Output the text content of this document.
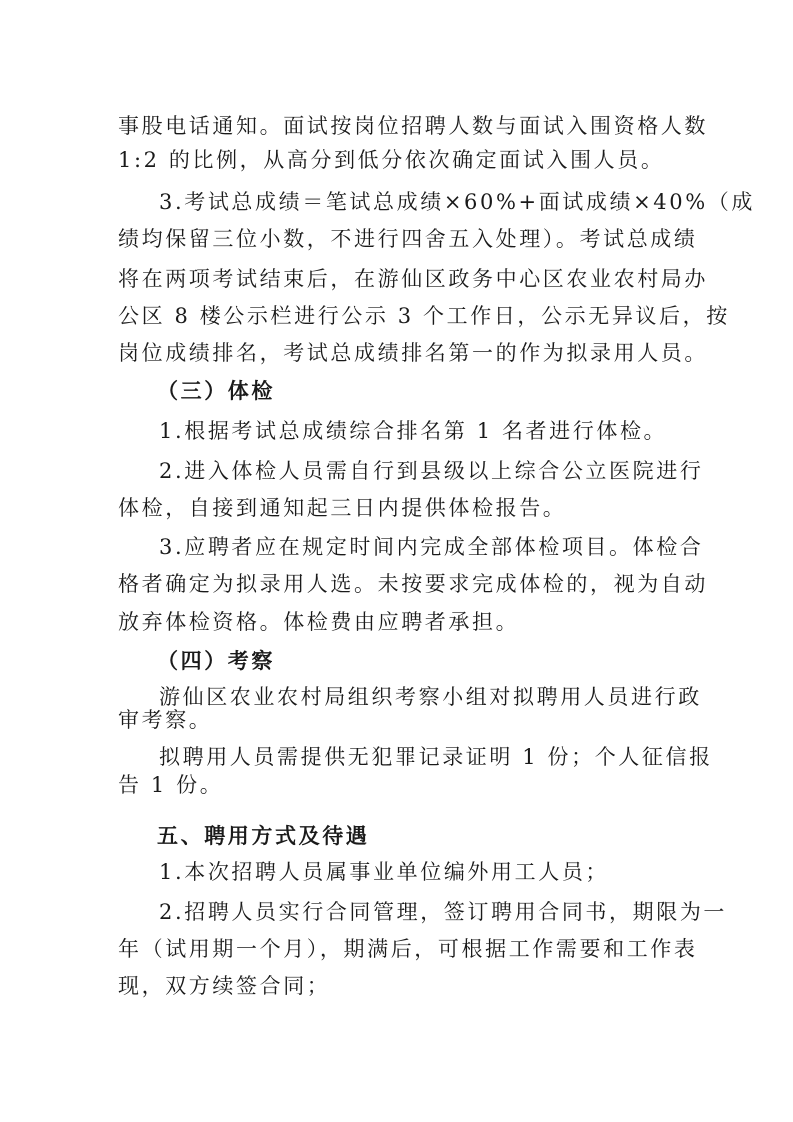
事股电话通知。面试按岗位招聘人数与面试入围资格人数
1:2 的比例，从高分到低分依次确定面试入围人员。
3.考试总成绩＝笔试总成绩×60%+面试成绩×40%（成
绩均保留三位小数，不进行四舍五入处理）。考试总成绩
将在两项考试结束后，在游仙区政务中心区农业农村局办
公区 8 楼公示栏进行公示 3 个工作日，公示无异议后，按
岗位成绩排名，考试总成绩排名第一的作为拟录用人员。
（三）体检
1.根据考试总成绩综合排名第 1 名者进行体检。
2.进入体检人员需自行到县级以上综合公立医院进行
体检，自接到通知起三日内提供体检报告。
3.应聘者应在规定时间内完成全部体检项目。体检合
格者确定为拟录用人选。未按要求完成体检的，视为自动
放弃体检资格。体检费由应聘者承担。
（四）考察
游仙区农业农村局组织考察小组对拟聘用人员进行政
审考察。
拟聘用人员需提供无犯罪记录证明 1 份；个人征信报
告 1 份。
五、聘用方式及待遇
1.本次招聘人员属事业单位编外用工人员；
2.招聘人员实行合同管理，签订聘用合同书，期限为一
年（试用期一个月），期满后，可根据工作需要和工作表
现，双方续签合同；
